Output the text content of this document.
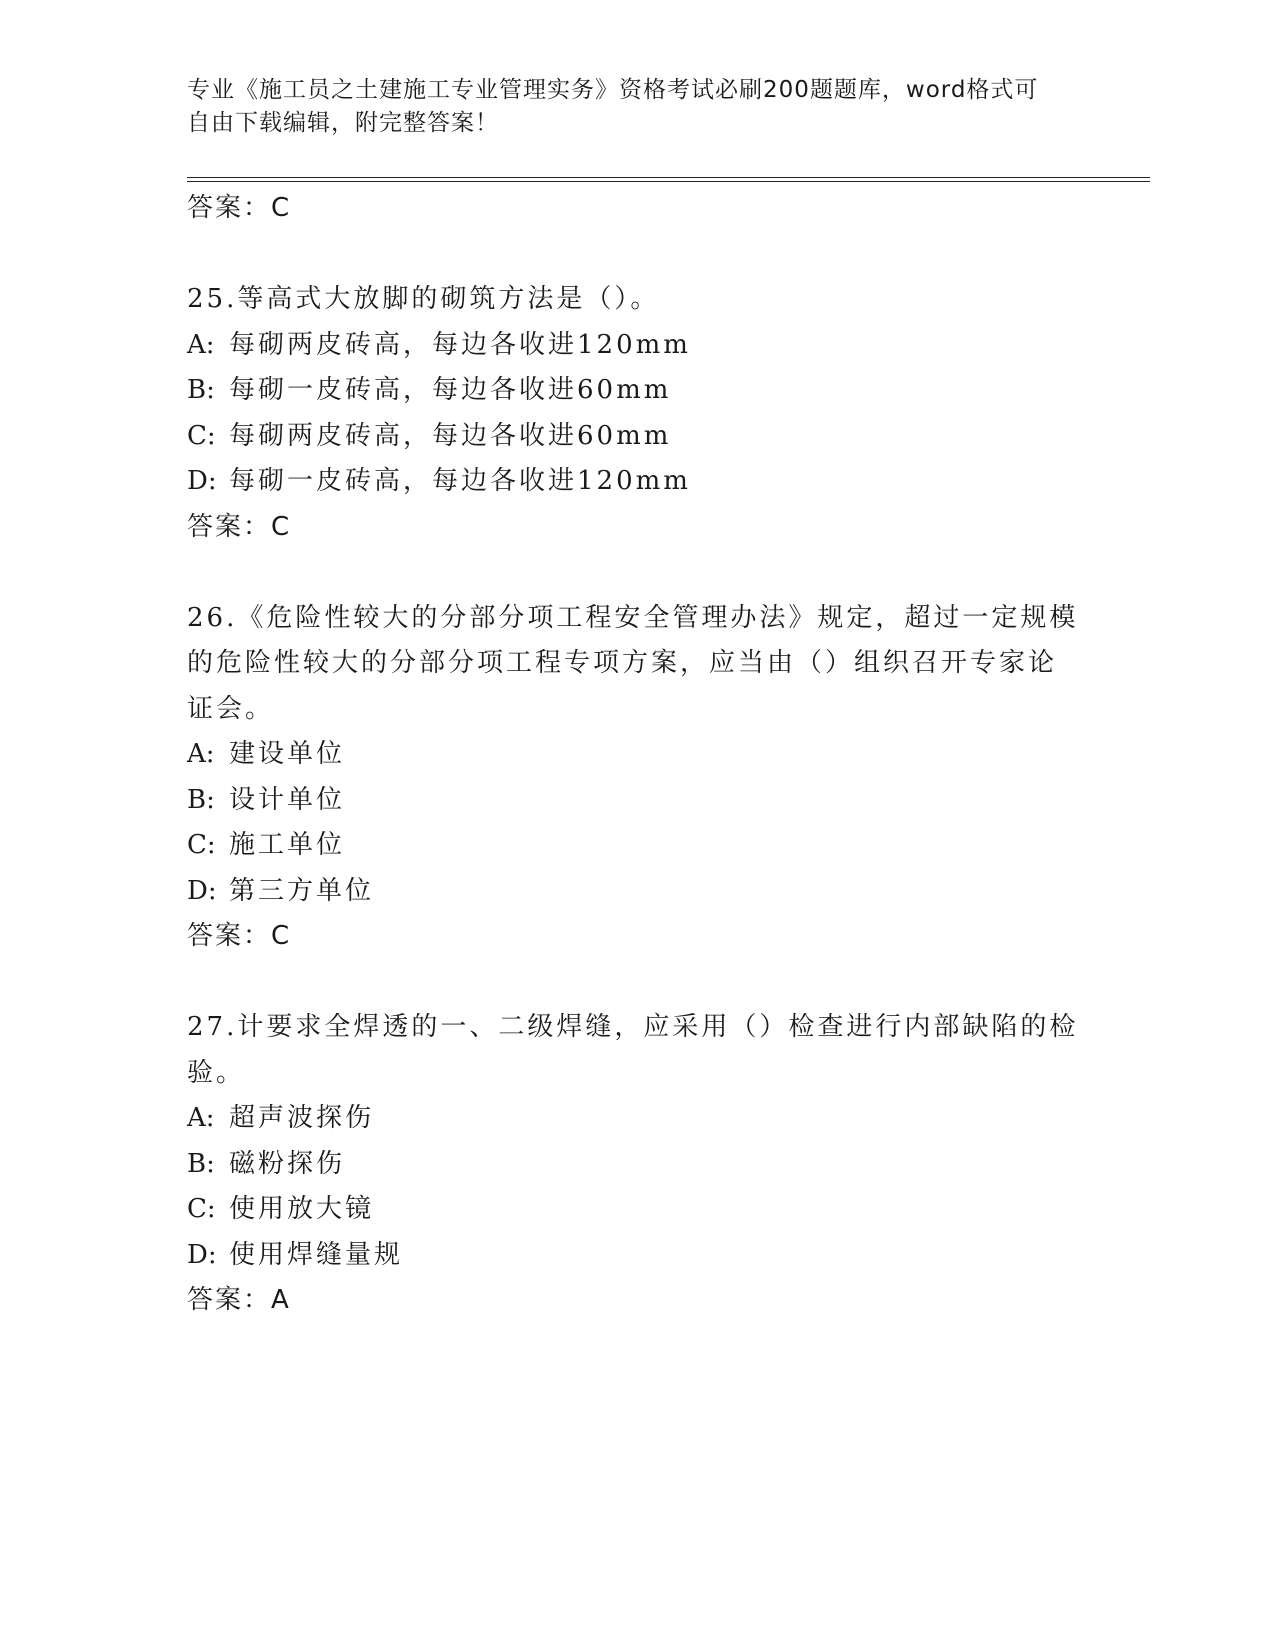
专业《施工员之土建施工专业管理实务》资格考试必刷200题题库，word格式可
自由下载编辑，附完整答案！
答案：C
25.等高式大放脚的砌筑方法是（）。
A: 每砌两皮砖高，每边各收进120mm
B: 每砌一皮砖高，每边各收进60mm
C: 每砌两皮砖高，每边各收进60mm
D: 每砌一皮砖高，每边各收进120mm
答案：C
26.《危险性较大的分部分项工程安全管理办法》规定，超过一定规模
的危险性较大的分部分项工程专项方案，应当由（）组织召开专家论
证会。
A: 建设单位
B: 设计单位
C: 施工单位
D: 第三方单位
答案：C
27.计要求全焊透的一、二级焊缝，应采用（）检查进行内部缺陷的检
验。
A: 超声波探伤
B: 磁粉探伤
C: 使用放大镜
D: 使用焊缝量规
答案：A
